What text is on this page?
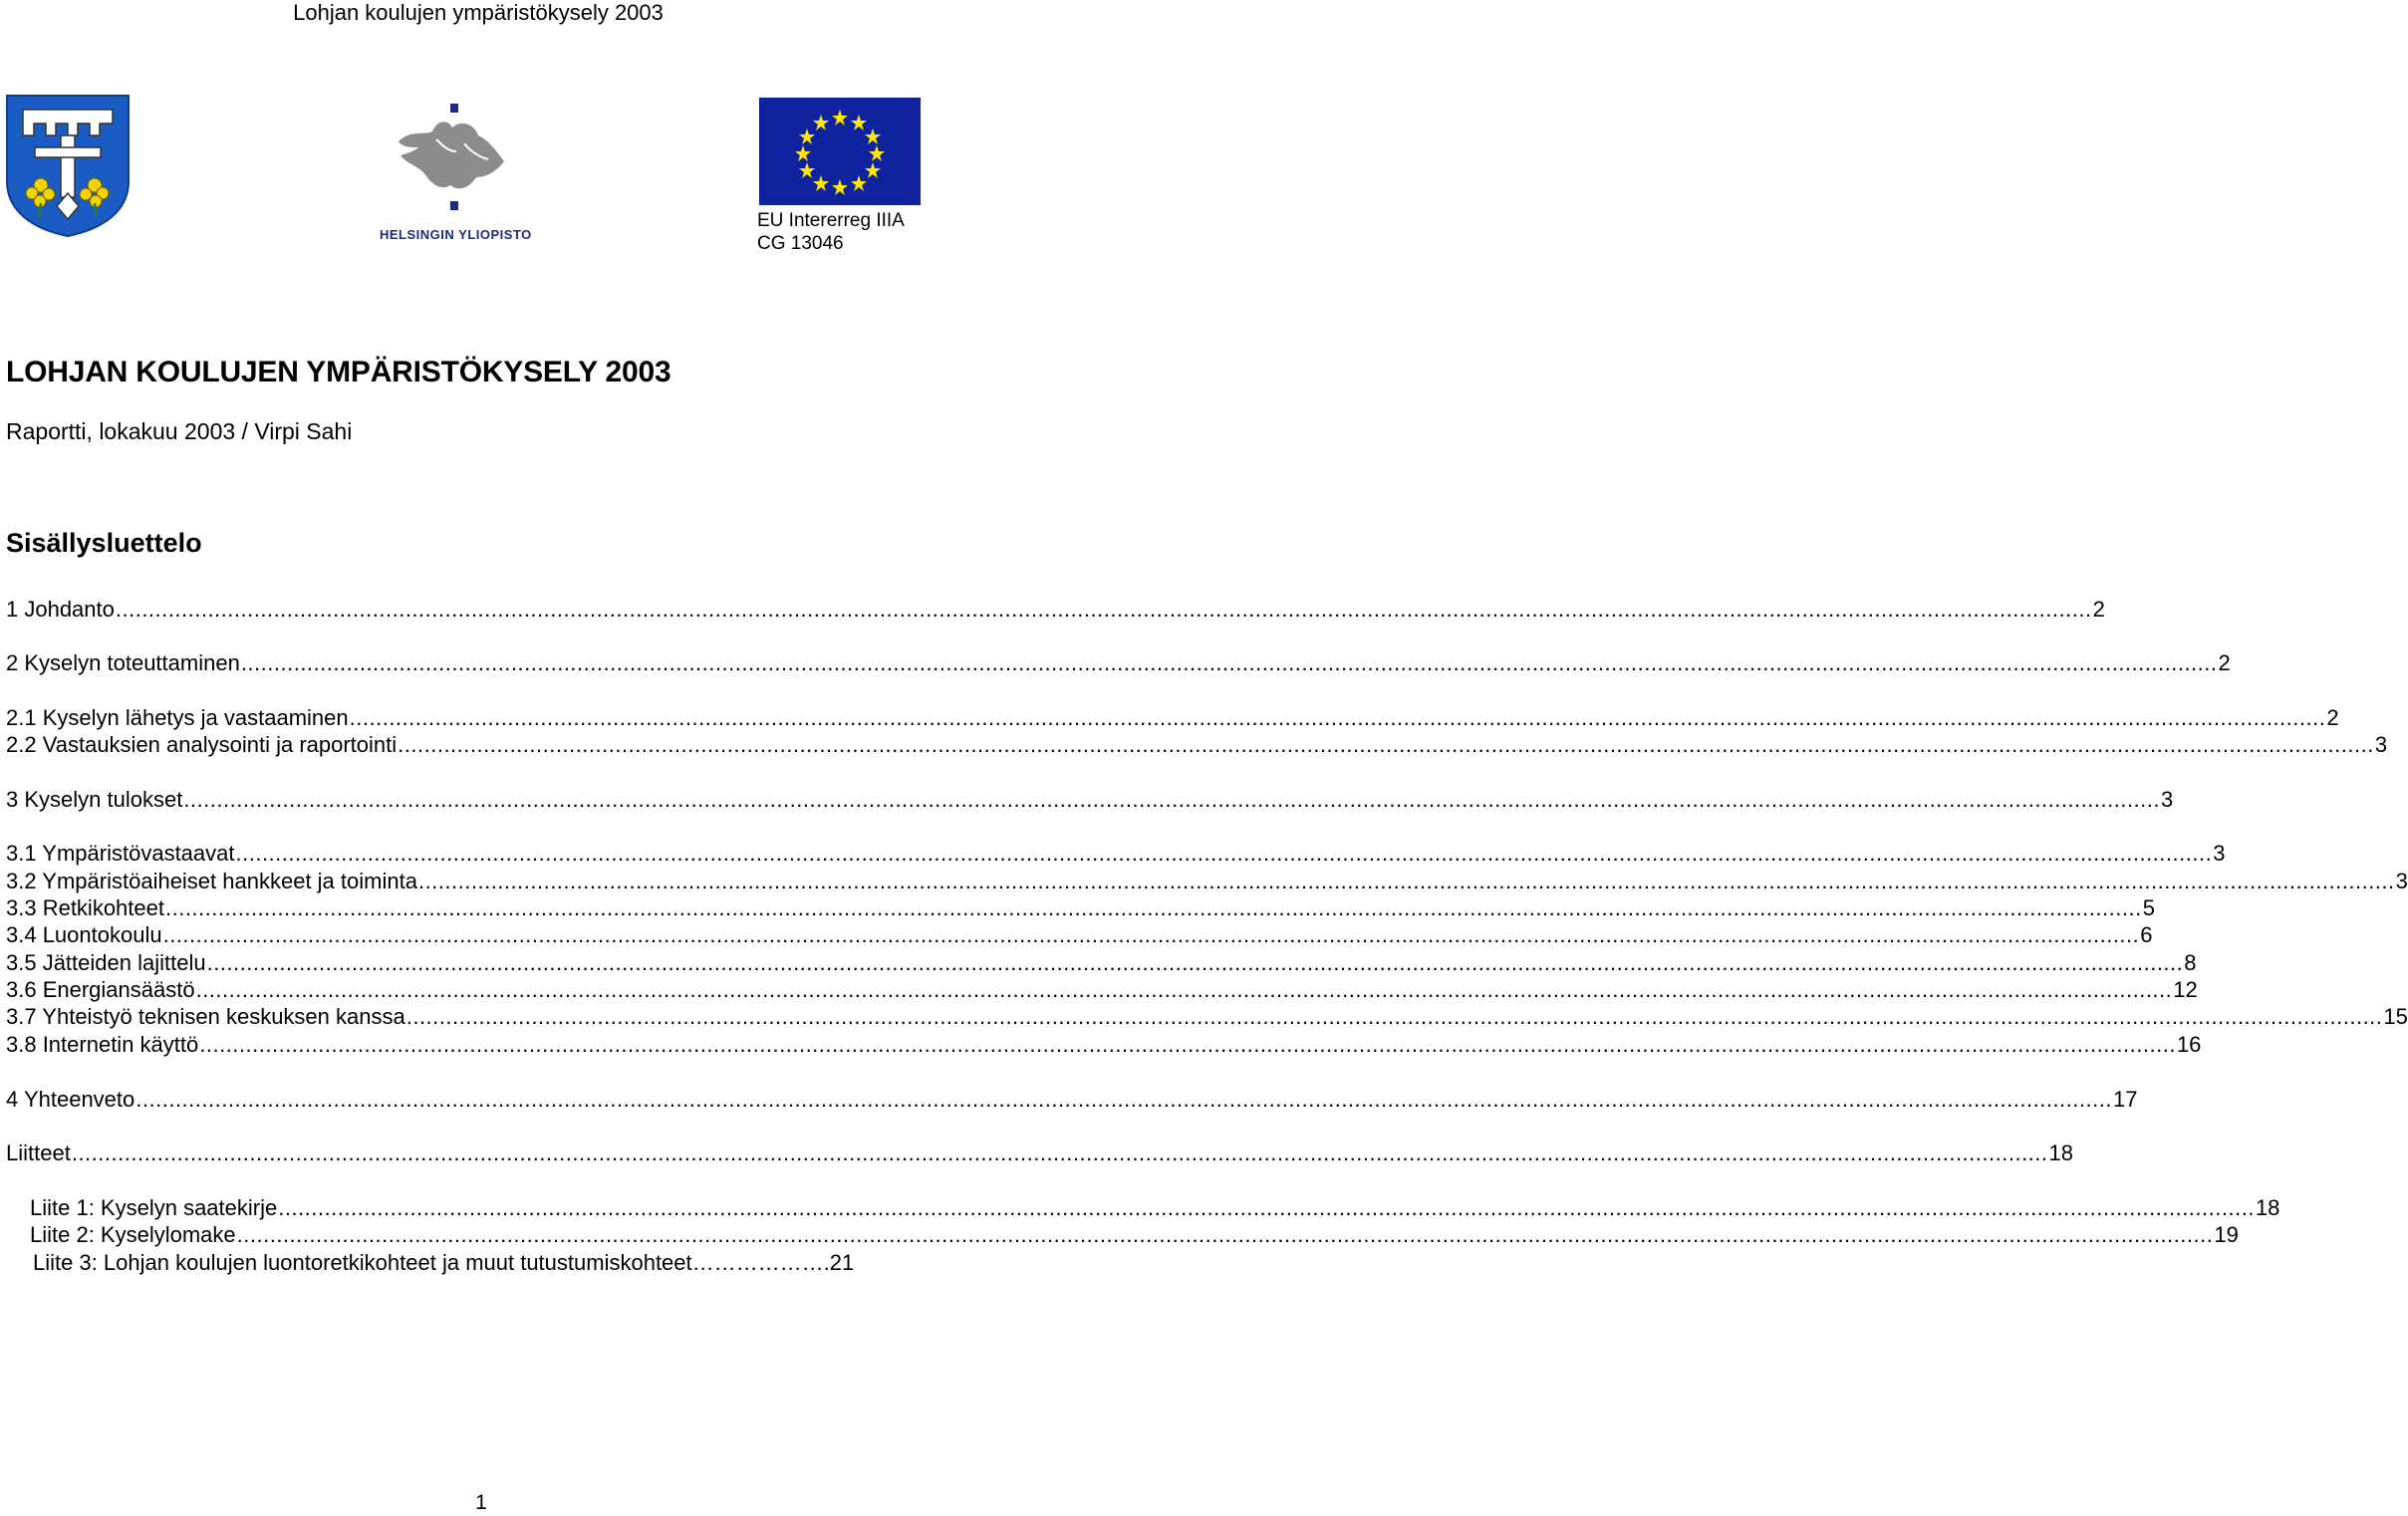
Lohjan koulujen ympäristökysely 2003
HELSINGIN YLIOPISTO
EU Intererreg IIIA
CG 13046
LOHJAN KOULUJEN YMPÄRISTÖKYSELY 2003
Raportti, lokakuu 2003 / Virpi Sahi
Sisällysluettelo
1 Johdanto ............................................................................................................................................................................................................................................................................................................ 2
2 Kyselyn toteuttaminen ............................................................................................................................................................................................................................................................................................................ 2
2.1 Kyselyn lähetys ja vastaaminen ............................................................................................................................................................................................................................................................................................................ 2
2.2 Vastauksien analysointi ja raportointi ............................................................................................................................................................................................................................................................................................................ 3
3 Kyselyn tulokset ............................................................................................................................................................................................................................................................................................................ 3
3.1 Ympäristövastaavat ............................................................................................................................................................................................................................................................................................................ 3
3.2 Ympäristöaiheiset hankkeet ja toiminta ............................................................................................................................................................................................................................................................................................................ 3
3.3 Retkikohteet ............................................................................................................................................................................................................................................................................................................ 5
3.4 Luontokoulu ............................................................................................................................................................................................................................................................................................................ 6
3.5 Jätteiden lajittelu ............................................................................................................................................................................................................................................................................................................ 8
3.6 Energiansäästö ............................................................................................................................................................................................................................................................................................................ 12
3.7 Yhteistyö teknisen keskuksen kanssa ............................................................................................................................................................................................................................................................................................................ 15
3.8 Internetin käyttö ............................................................................................................................................................................................................................................................................................................ 16
4 Yhteenveto ............................................................................................................................................................................................................................................................................................................ 17
Liitteet ............................................................................................................................................................................................................................................................................................................ 18
Liite 1: Kyselyn saatekirje ............................................................................................................................................................................................................................................................................................................ 18
Liite 2: Kyselylomake ............................................................................................................................................................................................................................................................................................................ 19
Liite 3: Lohjan koulujen luontoretkikohteet ja muut tutustumiskohteet……………….21
1
